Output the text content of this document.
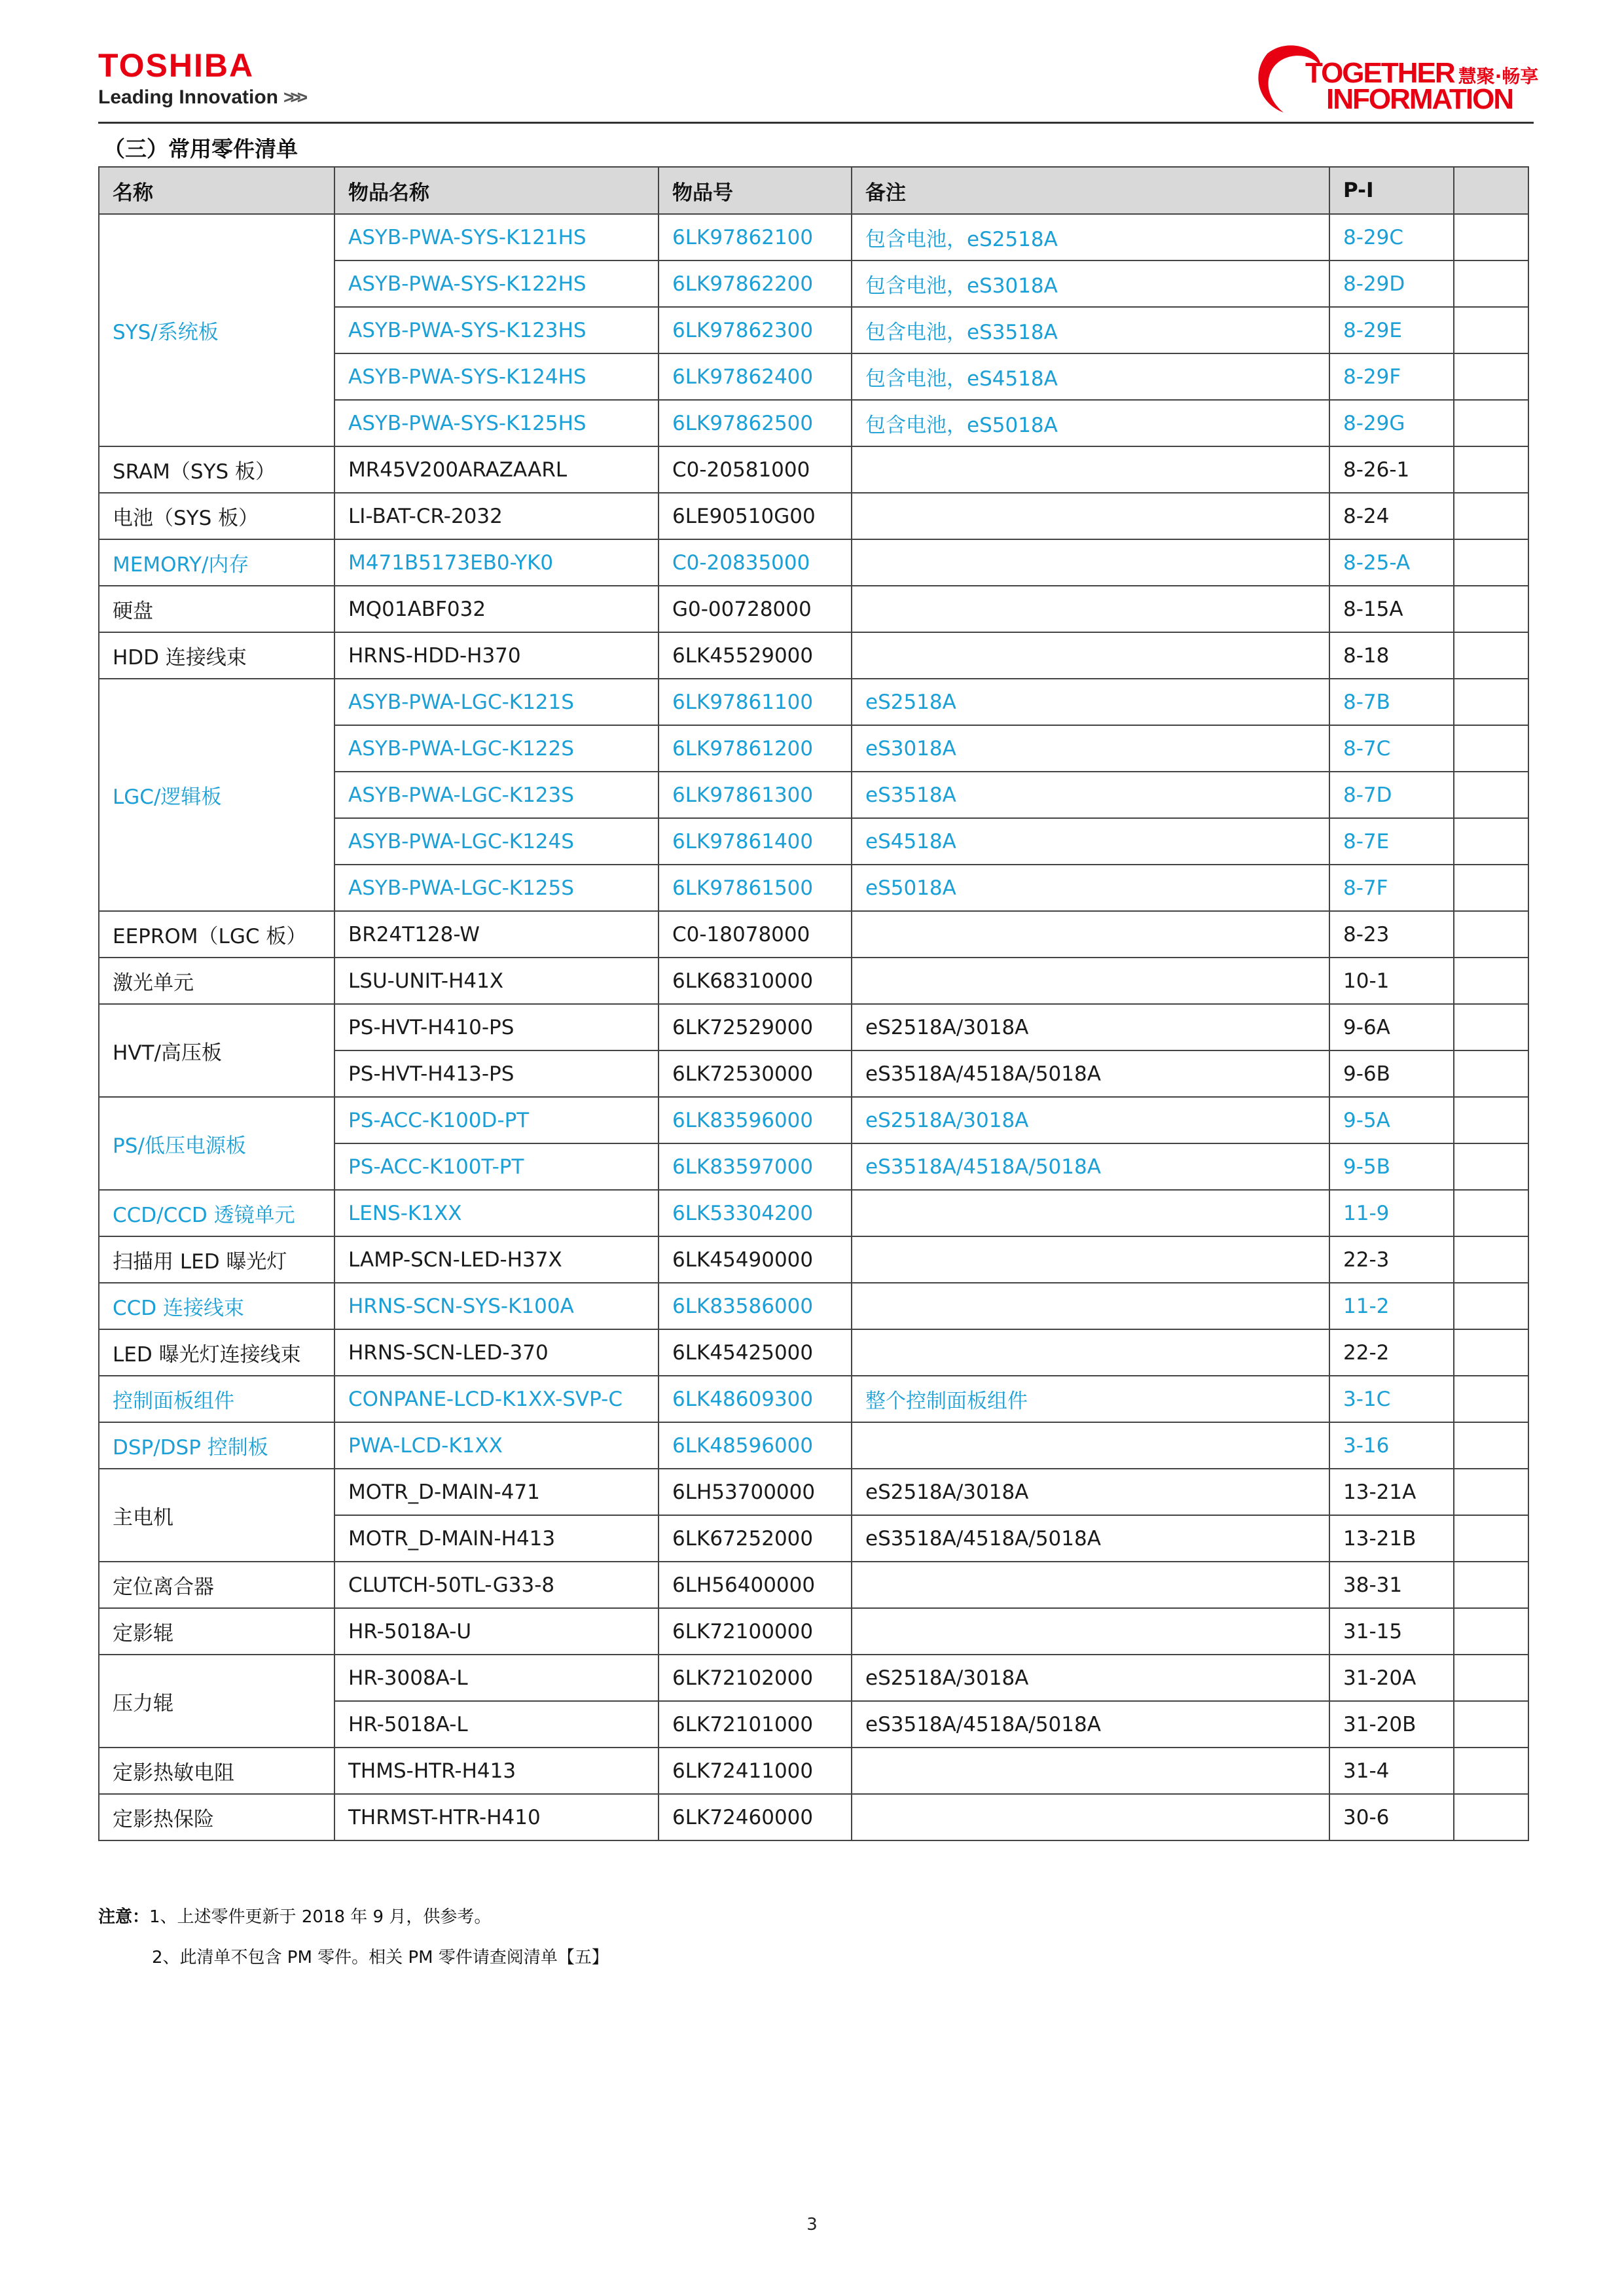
TOSHIBA
Leading Innovation >>>
TOGETHER 慧聚·畅享
INFORMATION
（三）常用零件清单
名称	物品名称	物品号	备注	P-I	
SYS/系统板	ASYB-PWA-SYS-K121HS	6LK97862100	包含电池，eS2518A	8-29C	
	ASYB-PWA-SYS-K122HS	6LK97862200	包含电池，eS3018A	8-29D	
	ASYB-PWA-SYS-K123HS	6LK97862300	包含电池，eS3518A	8-29E	
	ASYB-PWA-SYS-K124HS	6LK97862400	包含电池，eS4518A	8-29F	
	ASYB-PWA-SYS-K125HS	6LK97862500	包含电池，eS5018A	8-29G	
SRAM（SYS 板）	MR45V200ARAZAARL	C0-20581000		8-26-1	
电池（SYS 板）	LI-BAT-CR-2032	6LE90510G00		8-24	
MEMORY/内存	M471B5173EB0-YK0	C0-20835000		8-25-A	
硬盘	MQ01ABF032	G0-00728000		8-15A	
HDD 连接线束	HRNS-HDD-H370	6LK45529000		8-18	
LGC/逻辑板	ASYB-PWA-LGC-K121S	6LK97861100	eS2518A	8-7B	
	ASYB-PWA-LGC-K122S	6LK97861200	eS3018A	8-7C	
	ASYB-PWA-LGC-K123S	6LK97861300	eS3518A	8-7D	
	ASYB-PWA-LGC-K124S	6LK97861400	eS4518A	8-7E	
	ASYB-PWA-LGC-K125S	6LK97861500	eS5018A	8-7F	
EEPROM（LGC 板）	BR24T128-W	C0-18078000		8-23	
激光单元	LSU-UNIT-H41X	6LK68310000		10-1	
HVT/高压板	PS-HVT-H410-PS	6LK72529000	eS2518A/3018A	9-6A	
	PS-HVT-H413-PS	6LK72530000	eS3518A/4518A/5018A	9-6B	
PS/低压电源板	PS-ACC-K100D-PT	6LK83596000	eS2518A/3018A	9-5A	
	PS-ACC-K100T-PT	6LK83597000	eS3518A/4518A/5018A	9-5B	
CCD/CCD 透镜单元	LENS-K1XX	6LK53304200		11-9	
扫描用 LED 曝光灯	LAMP-SCN-LED-H37X	6LK45490000		22-3	
CCD 连接线束	HRNS-SCN-SYS-K100A	6LK83586000		11-2	
LED 曝光灯连接线束	HRNS-SCN-LED-370	6LK45425000		22-2	
控制面板组件	CONPANE-LCD-K1XX-SVP-C	6LK48609300	整个控制面板组件	3-1C	
DSP/DSP 控制板	PWA-LCD-K1XX	6LK48596000		3-16	
主电机	MOTR_D-MAIN-471	6LH53700000	eS2518A/3018A	13-21A	
	MOTR_D-MAIN-H413	6LK67252000	eS3518A/4518A/5018A	13-21B	
定位离合器	CLUTCH-50TL-G33-8	6LH56400000		38-31	
定影辊	HR-5018A-U	6LK72100000		31-15	
压力辊	HR-3008A-L	6LK72102000	eS2518A/3018A	31-20A	
	HR-5018A-L	6LK72101000	eS3518A/4518A/5018A	31-20B	
定影热敏电阻	THMS-HTR-H413	6LK72411000		31-4	
定影热保险	THRMST-HTR-H410	6LK72460000		30-6	
注意：1、上述零件更新于 2018 年 9 月，供参考。
2、此清单不包含 PM 零件。相关 PM 零件请查阅清单【五】
3
